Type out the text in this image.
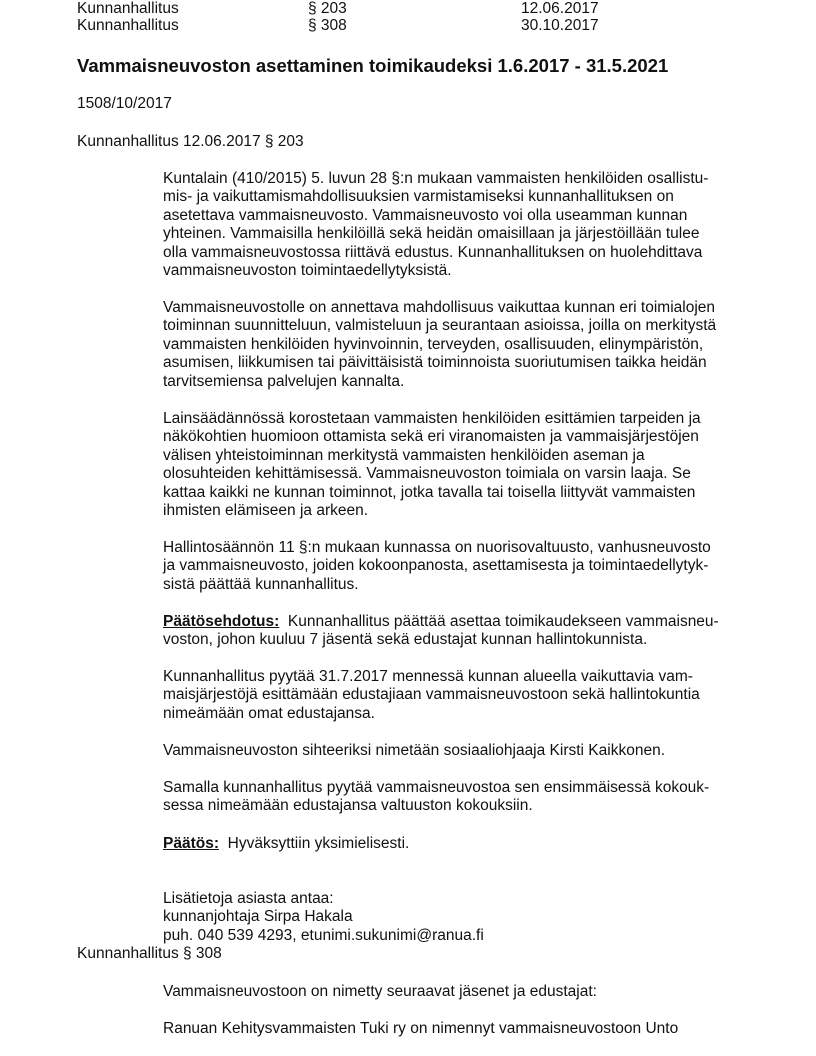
Kunnanhallitus	§ 203	12.06.2017
Kunnanhallitus	§ 308	30.10.2017
Vammaisneuvoston asettaminen toimikaudeksi 1.6.2017 - 31.5.2021
1508/10/2017
Kunnanhallitus 12.06.2017 § 203
Kuntalain (410/2015) 5. luvun 28 §:n mukaan vammaisten henkilöiden osallistu-
mis- ja vaikuttamismahdollisuuksien varmistamiseksi kunnanhallituksen on
asetettava vammaisneuvosto. Vammaisneuvosto voi olla useamman kunnan
yhteinen. Vammaisilla henkilöillä sekä heidän omaisillaan ja järjestöillään tulee
olla vammaisneuvostossa riittävä edustus. Kunnanhallituksen on huolehdittava
vammaisneuvoston toimintaedellytyksistä.
Vammaisneuvostolle on annettava mahdollisuus vaikuttaa kunnan eri toimialojen
toiminnan suunnitteluun, valmisteluun ja seurantaan asioissa, joilla on merkitystä
vammaisten henkilöiden hyvinvoinnin, terveyden, osallisuuden, elinympäristön,
asumisen, liikkumisen tai päivittäisistä toiminnoista suoriutumisen taikka heidän
tarvitsemiensa palvelujen kannalta.
Lainsäädännössä korostetaan vammaisten henkilöiden esittämien tarpeiden ja
näkökohtien huomioon ottamista sekä eri viranomaisten ja vammaisjärjestöjen
välisen yhteistoiminnan merkitystä vammaisten henkilöiden aseman ja
olosuhteiden kehittämisessä. Vammaisneuvoston toimiala on varsin laaja. Se
kattaa kaikki ne kunnan toiminnot, jotka tavalla tai toisella liittyvät vammaisten
ihmisten elämiseen ja arkeen.
Hallintosäännön 11 §:n mukaan kunnassa on nuorisovaltuusto, vanhusneuvosto
ja vammaisneuvosto, joiden kokoonpanosta, asettamisesta ja toimintaedellytyk-
sistä päättää kunnanhallitus.
Päätösehdotus: Kunnanhallitus päättää asettaa toimikaudekseen vammaisneu-
voston, johon kuuluu 7 jäsentä sekä edustajat kunnan hallintokunnista.
Kunnanhallitus pyytää 31.7.2017 mennessä kunnan alueella vaikuttavia vam-
maisjärjestöjä esittämään edustajiaan vammaisneuvostoon sekä hallintokuntia
nimeämään omat edustajansa.
Vammaisneuvoston sihteeriksi nimetään sosiaaliohjaaja Kirsti Kaikkonen.
Samalla kunnanhallitus pyytää vammaisneuvostoa sen ensimmäisessä kokouk-
sessa nimeämään edustajansa valtuuston kokouksiin.
Päätös: Hyväksyttiin yksimielisesti.
Lisätietoja asiasta antaa:
kunnanjohtaja Sirpa Hakala
puh. 040 539 4293, etunimi.sukunimi@ranua.fi
Kunnanhallitus § 308
Vammaisneuvostoon on nimetty seuraavat jäsenet ja edustajat:
Ranuan Kehitysvammaisten Tuki ry on nimennyt vammaisneuvostoon Unto
